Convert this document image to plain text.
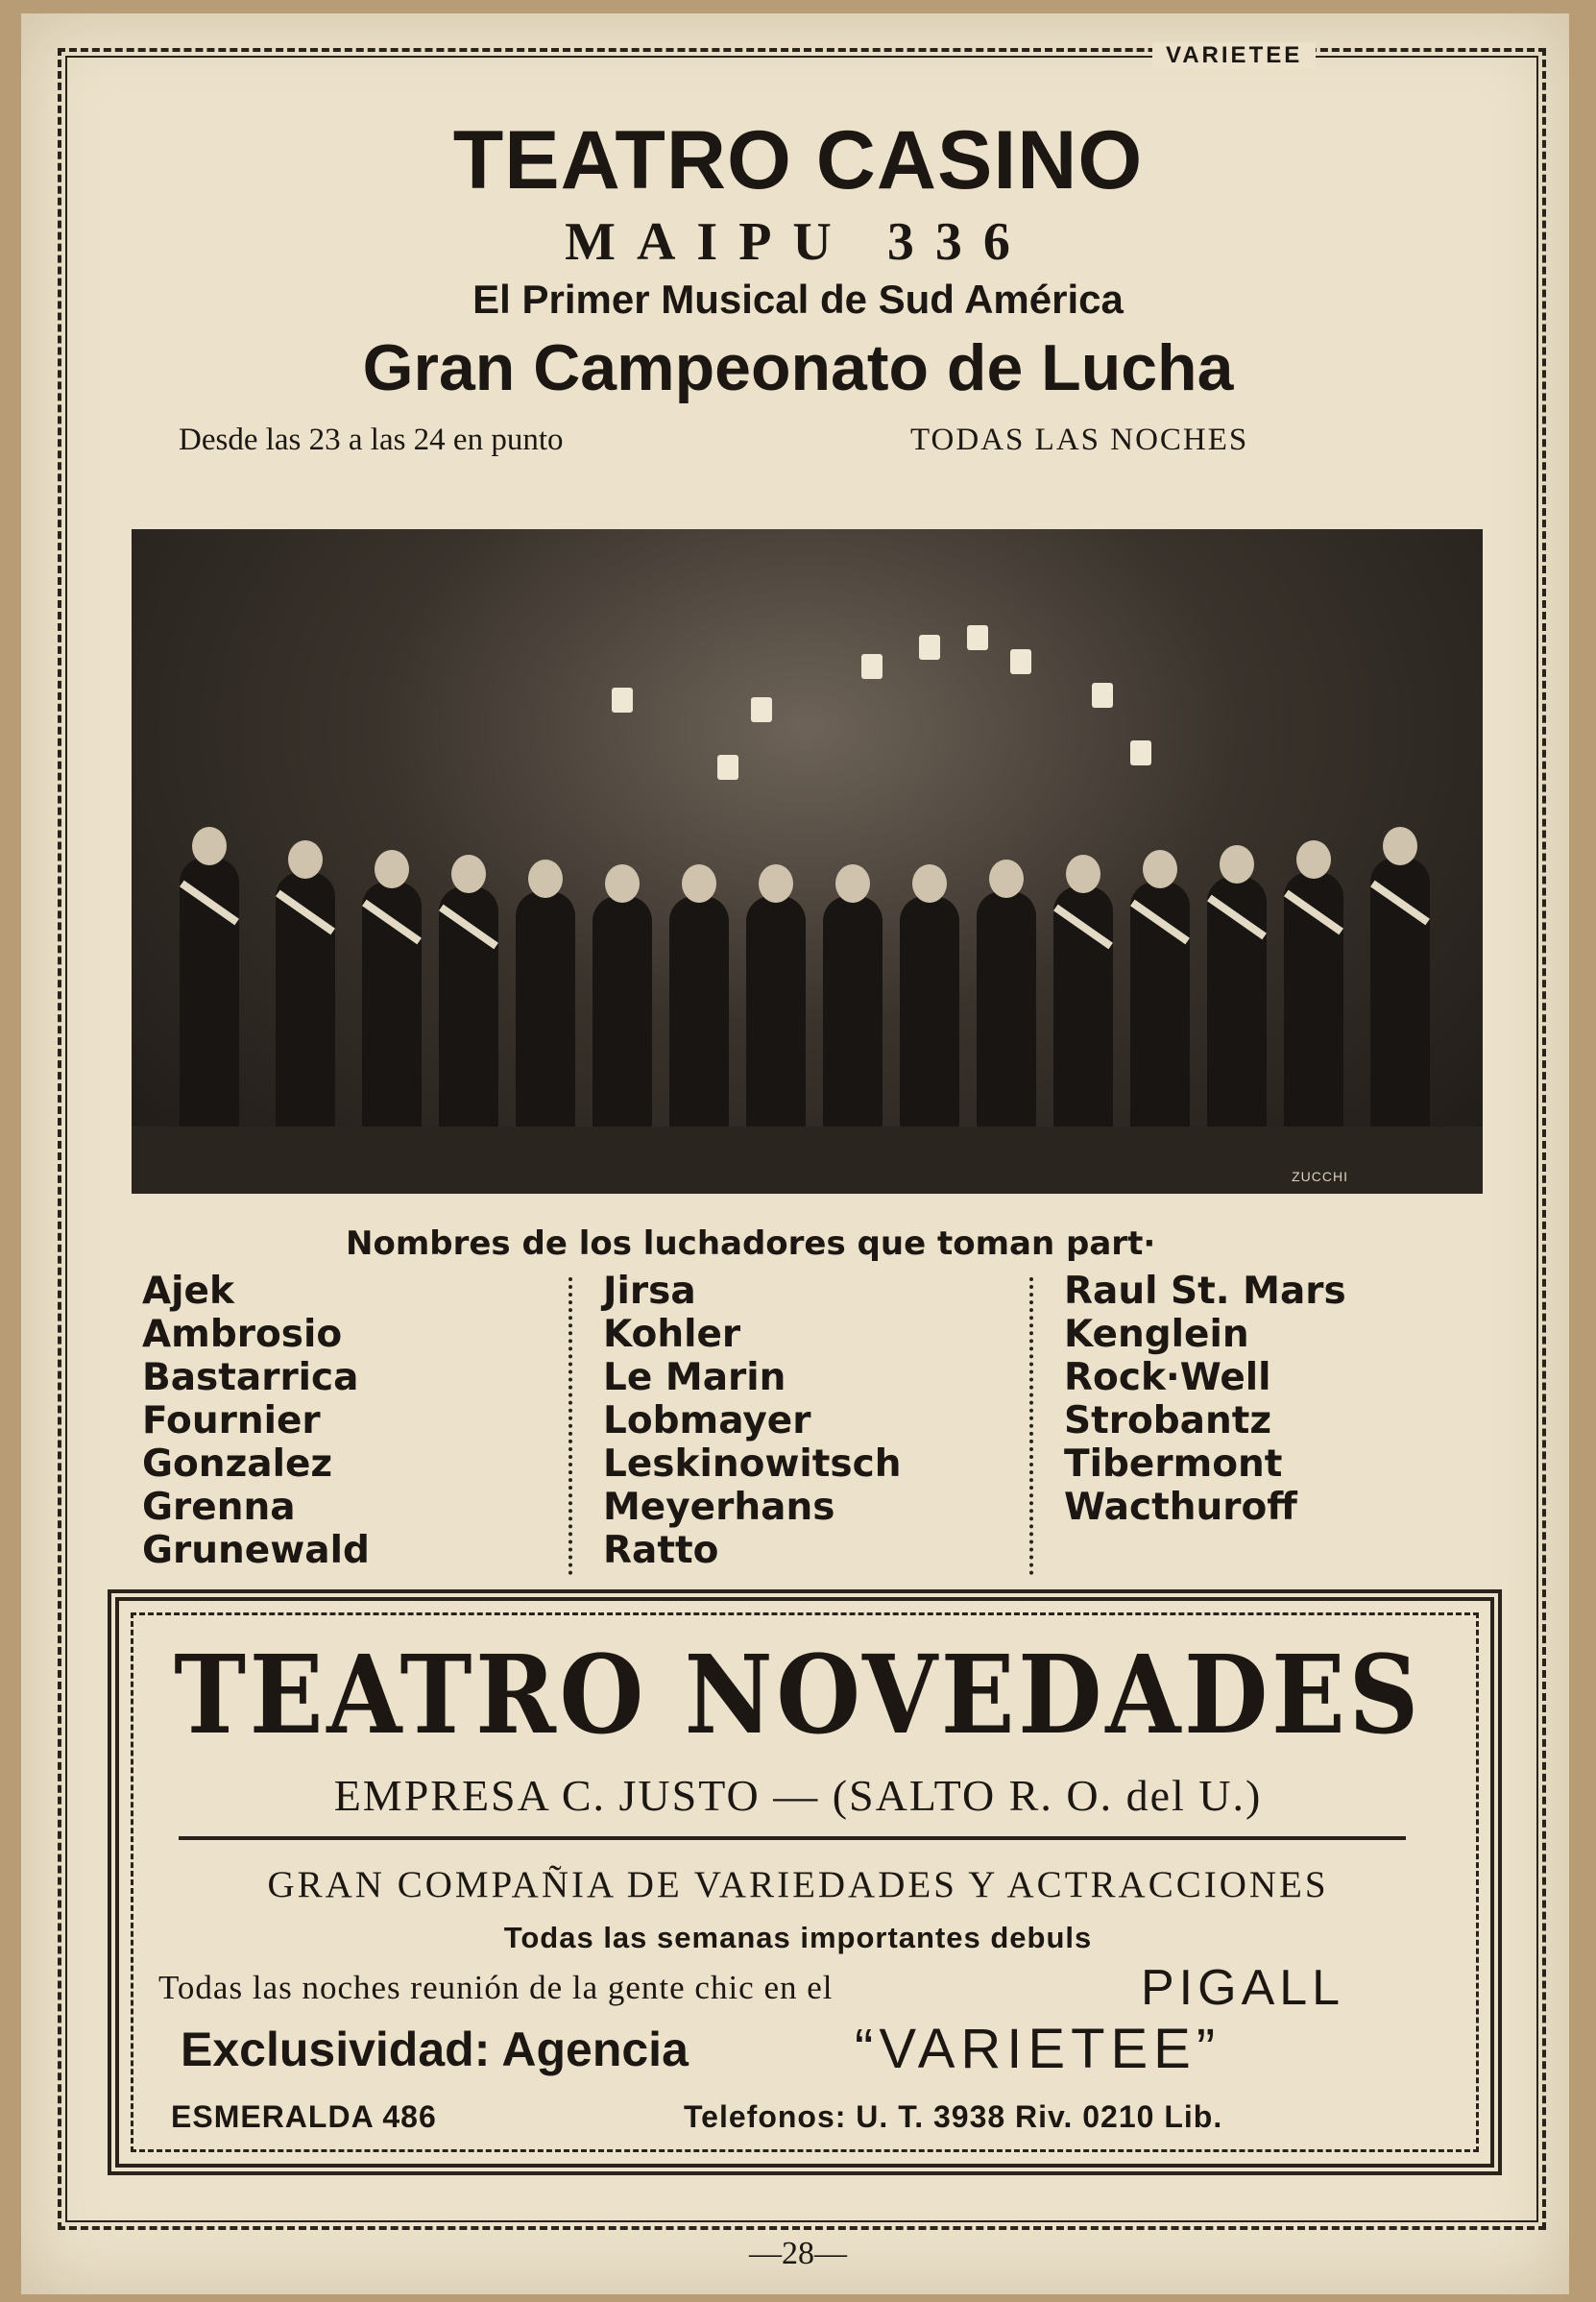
VARIETEE
TEATRO CASINO
MAIPU 336
El Primer Musical de Sud América
Gran Campeonato de Lucha
Desde las 23 a las 24 en punto	TODAS LAS NOCHES
ZUCCHI
Nombres de los luchadores que toman part·
Ajek
Ambrosio
Bastarrica
Fournier
Gonzalez
Grenna
Grunewald
Jirsa
Kohler
Le Marin
Lobmayer
Leskinowitsch
Meyerhans
Ratto
Raul St. Mars
Kenglein
Rock·Well
Strobantz
Tibermont
Wacthuroff
TEATRO NOVEDADES
EMPRESA C. JUSTO — (SALTO R. O. del U.)
GRAN COMPAÑIA DE VARIEDADES Y ACTRACCIONES
Todas las semanas importantes debuls
Todas las noches reunión de la gente chic en el	PIGALL
Exclusividad: Agencia	“VARIETEE”
ESMERALDA 486	Telefonos: U. T. 3938 Riv. 0210 Lib.
—28—
